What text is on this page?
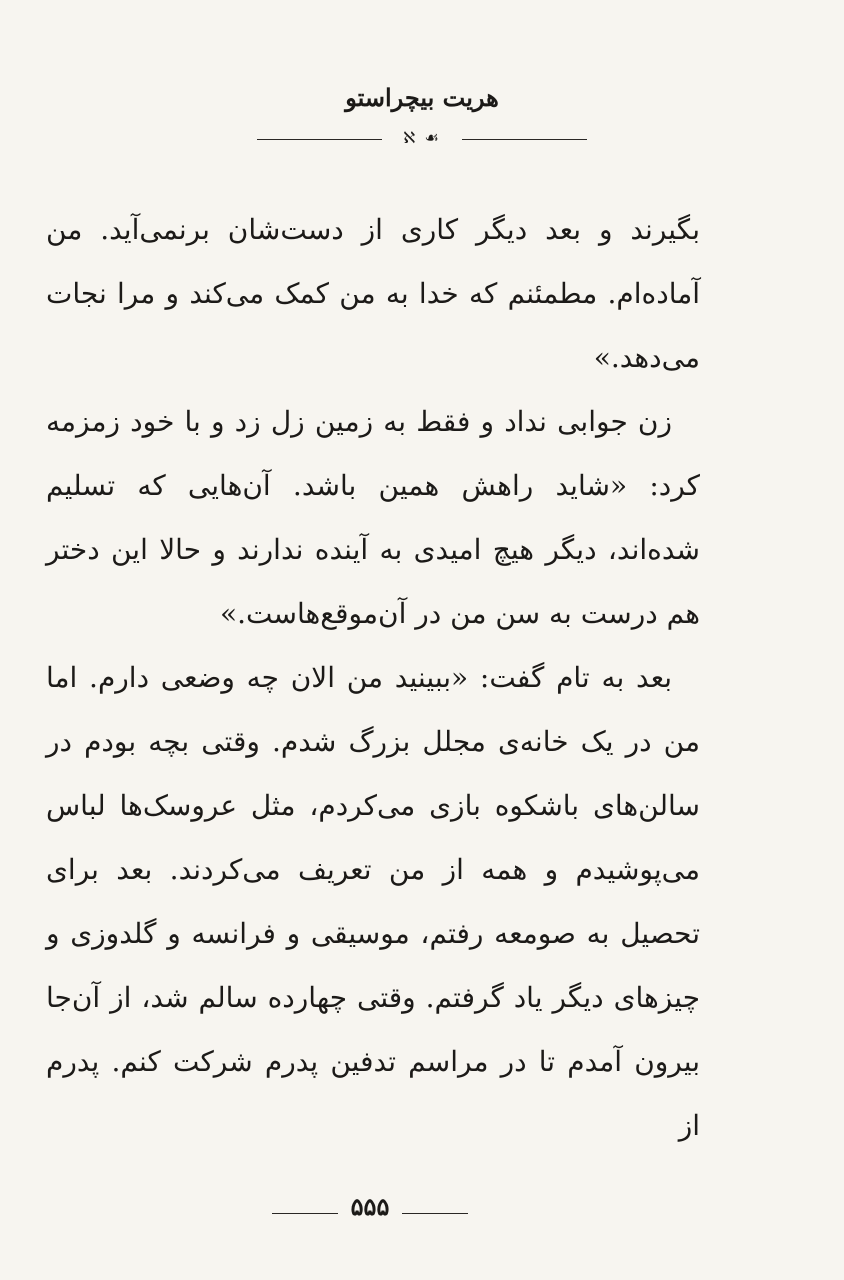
هریت بیچراستو
ℵ ☙

بگیرند و بعد دیگر کاری از دست‌شان برنمی‌آید. من آماده‌ام. مطمئنم که خدا به من کمک می‌کند و مرا نجات می‌دهد.»

زن جوابی نداد و فقط به زمین زل زد و با خود زمزمه کرد: «شاید راهش همین باشد. آن‌هایی که تسلیم شده‌اند، دیگر هیچ امیدی به آینده ندارند و حالا این دختر هم درست به سن من در آن‌موقع‌هاست.»

بعد به تام گفت: «ببینید من الان چه وضعی دارم. اما من در یک خانه‌ی مجلل بزرگ شدم. وقتی بچه بودم در سالن‌های باشکوه بازی می‌کردم، مثل عروسک‌ها لباس می‌پوشیدم و همه از من تعریف می‌کردند. بعد برای تحصیل به صومعه رفتم، موسیقی و فرانسه و گلدوزی و چیزهای دیگر یاد گرفتم. وقتی چهارده سالم شد، از آن‌جا بیرون آمدم تا در مراسم تدفین پدرم شرکت کنم. پدرم از

۵۵۵
